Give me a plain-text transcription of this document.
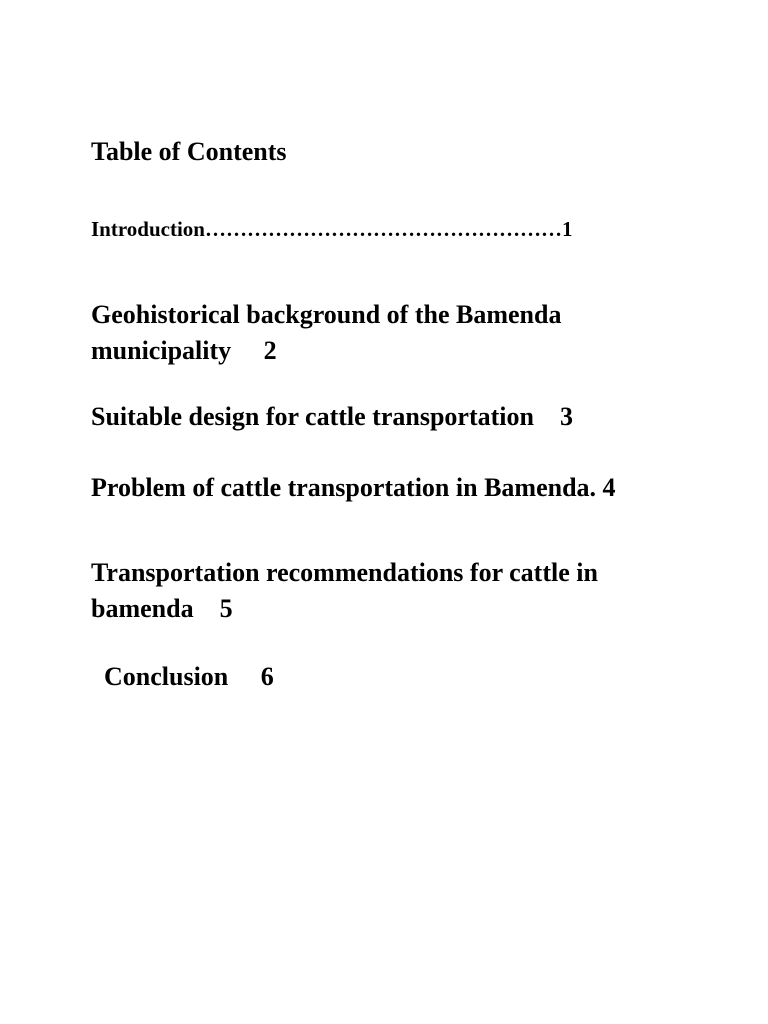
Table of Contents

Introduction……………………………………………1

Geohistorical background of the Bamenda municipality     2

Suitable design for cattle transportation    3

Problem of cattle transportation in Bamenda. 4

Transportation recommendations for cattle in bamenda    5

Conclusion     6
